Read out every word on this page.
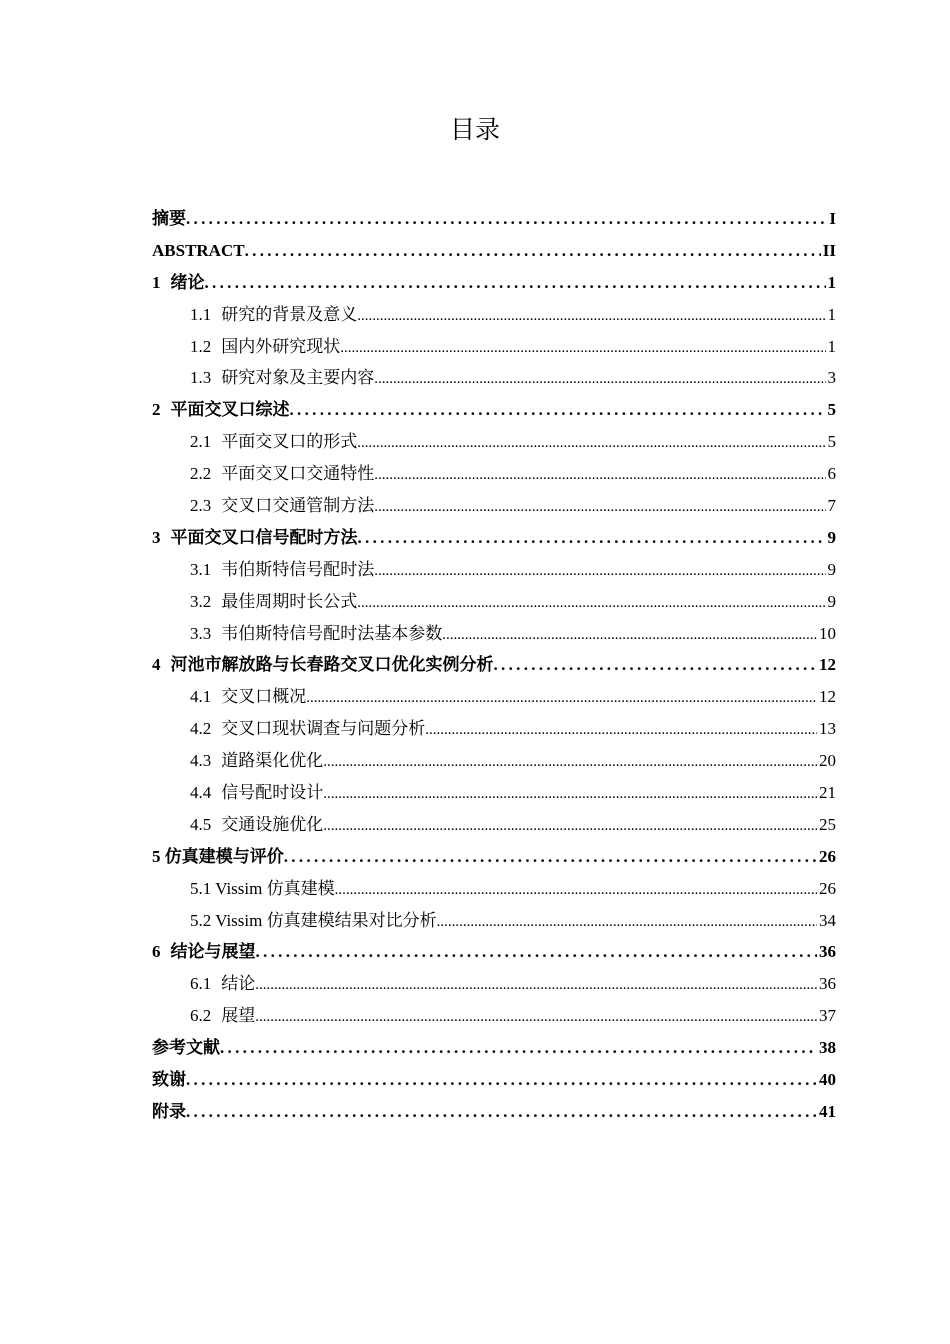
目录
摘要 .....	I
ABSTRACT .....	II
1 绪论 .....	1
1.1 研究的背景及意义 .....	1
1.2 国内外研究现状 .....	1
1.3 研究对象及主要内容 .....	3
2 平面交叉口综述 .....	5
2.1 平面交叉口的形式 .....	5
2.2 平面交叉口交通特性 .....	6
2.3 交叉口交通管制方法 .....	7
3 平面交叉口信号配时方法 .....	9
3.1 韦伯斯特信号配时法 .....	9
3.2 最佳周期时长公式 .....	9
3.3 韦伯斯特信号配时法基本参数 .....	10
4 河池市解放路与长春路交叉口优化实例分析 .....	12
4.1 交叉口概况 .....	12
4.2 交叉口现状调查与问题分析 .....	13
4.3 道路渠化优化 .....	20
4.4 信号配时设计 .....	21
4.5 交通设施优化 .....	25
5 仿真建模与评价 .....	26
5.1 Vissim 仿真建模 .....	26
5.2 Vissim 仿真建模结果对比分析 .....	34
6 结论与展望 .....	36
6.1 结论 .....	36
6.2 展望 .....	37
参考文献 .....	38
致谢 .....	40
附录 .....	41
